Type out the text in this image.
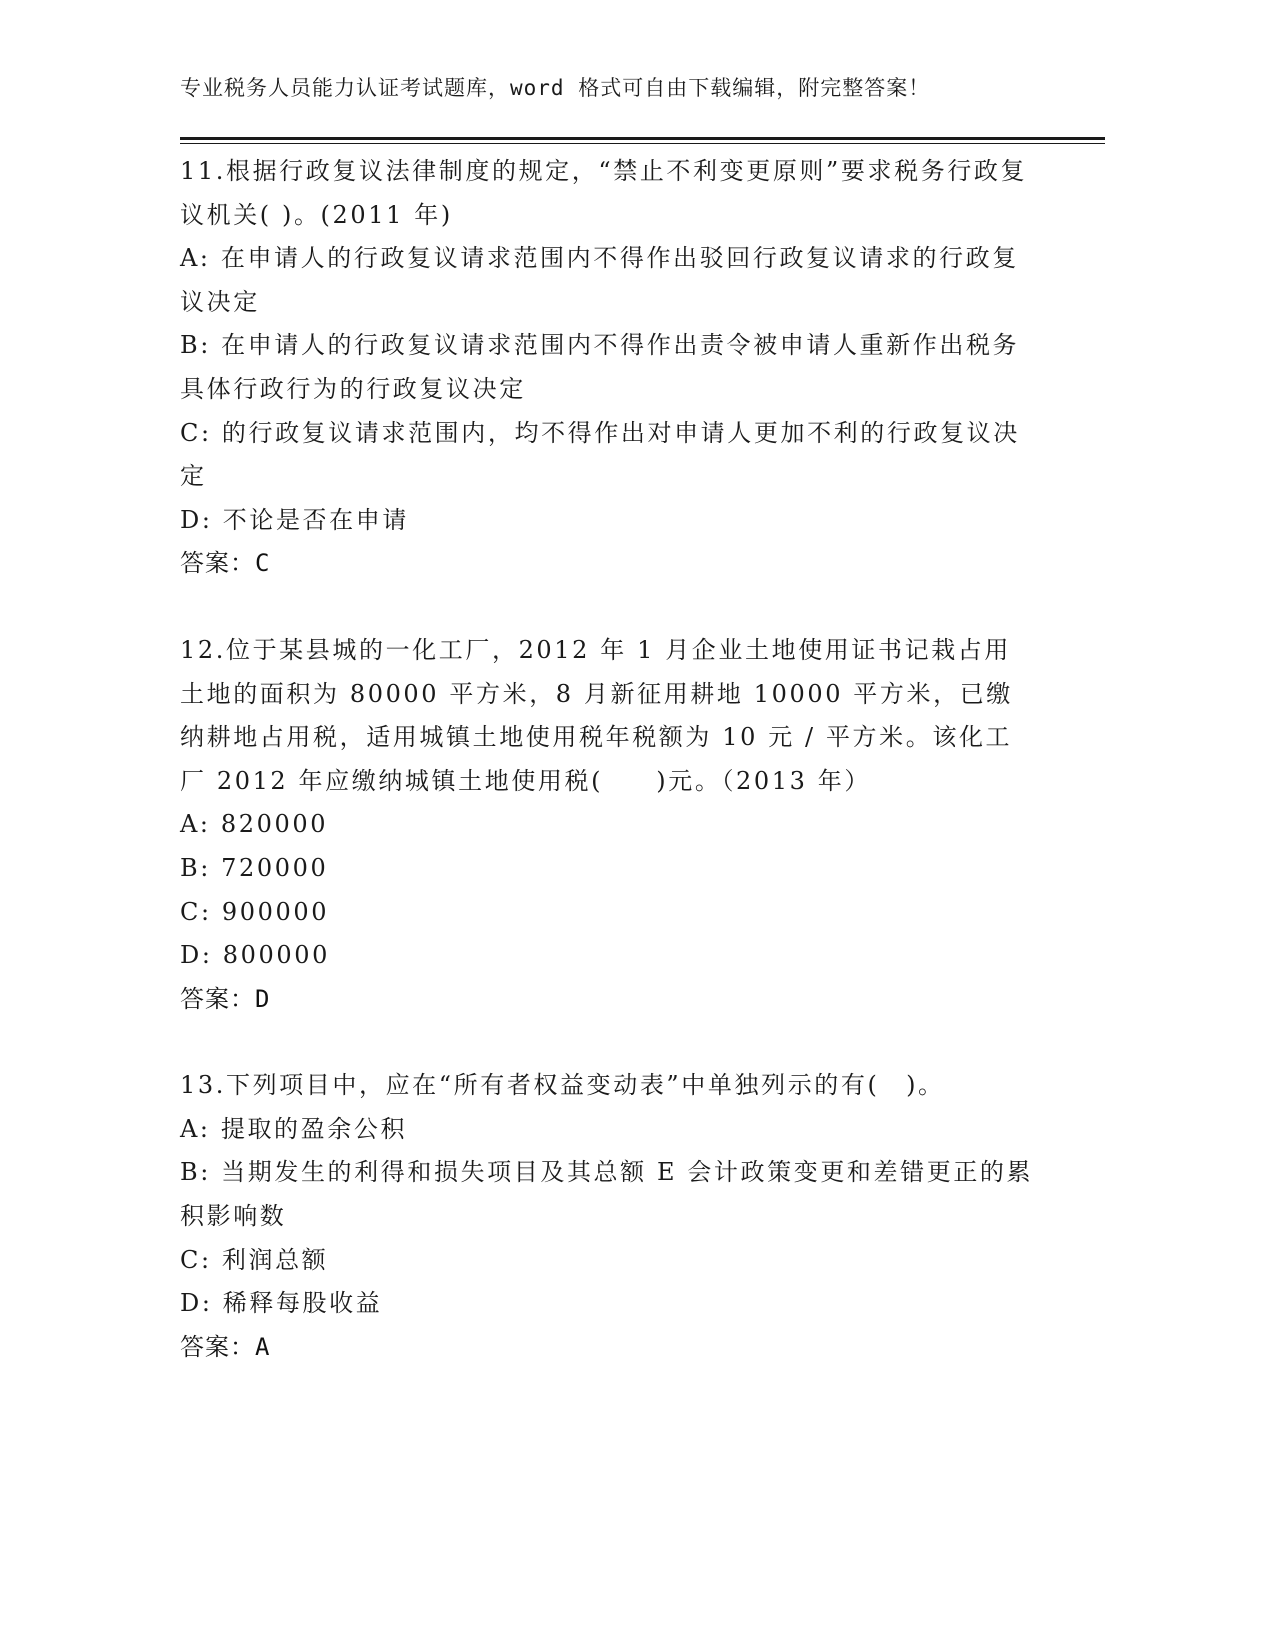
专业税务人员能力认证考试题库，word 格式可自由下载编辑，附完整答案！

11.根据行政复议法律制度的规定，“禁止不利变更原则”要求税务行政复议机关( )。(2011 年)

A: 在申请人的行政复议请求范围内不得作出驳回行政复议请求的行政复议决定

B: 在申请人的行政复议请求范围内不得作出责令被申请人重新作出税务具体行政行为的行政复议决定

C: 的行政复议请求范围内，均不得作出对申请人更加不利的行政复议决定

D: 不论是否在申请

答案：C

12.位于某县城的一化工厂，2012 年 1 月企业土地使用证书记栽占用土地的面积为 80000 平方米，8 月新征用耕地 10000 平方米，已缴纳耕地占用税，适用城镇土地使用税年税额为 10 元 / 平方米。该化工厂 2012 年应缴纳城镇土地使用税(　　)元。（2013 年）

A: 820000

B: 720000

C: 900000

D: 800000

答案：D

13.下列项目中，应在“所有者权益变动表”中单独列示的有(　)。

A: 提取的盈余公积

B: 当期发生的利得和损失项目及其总额 E 会计政策变更和差错更正的累积影响数

C: 利润总额

D: 稀释每股收益

答案：A
